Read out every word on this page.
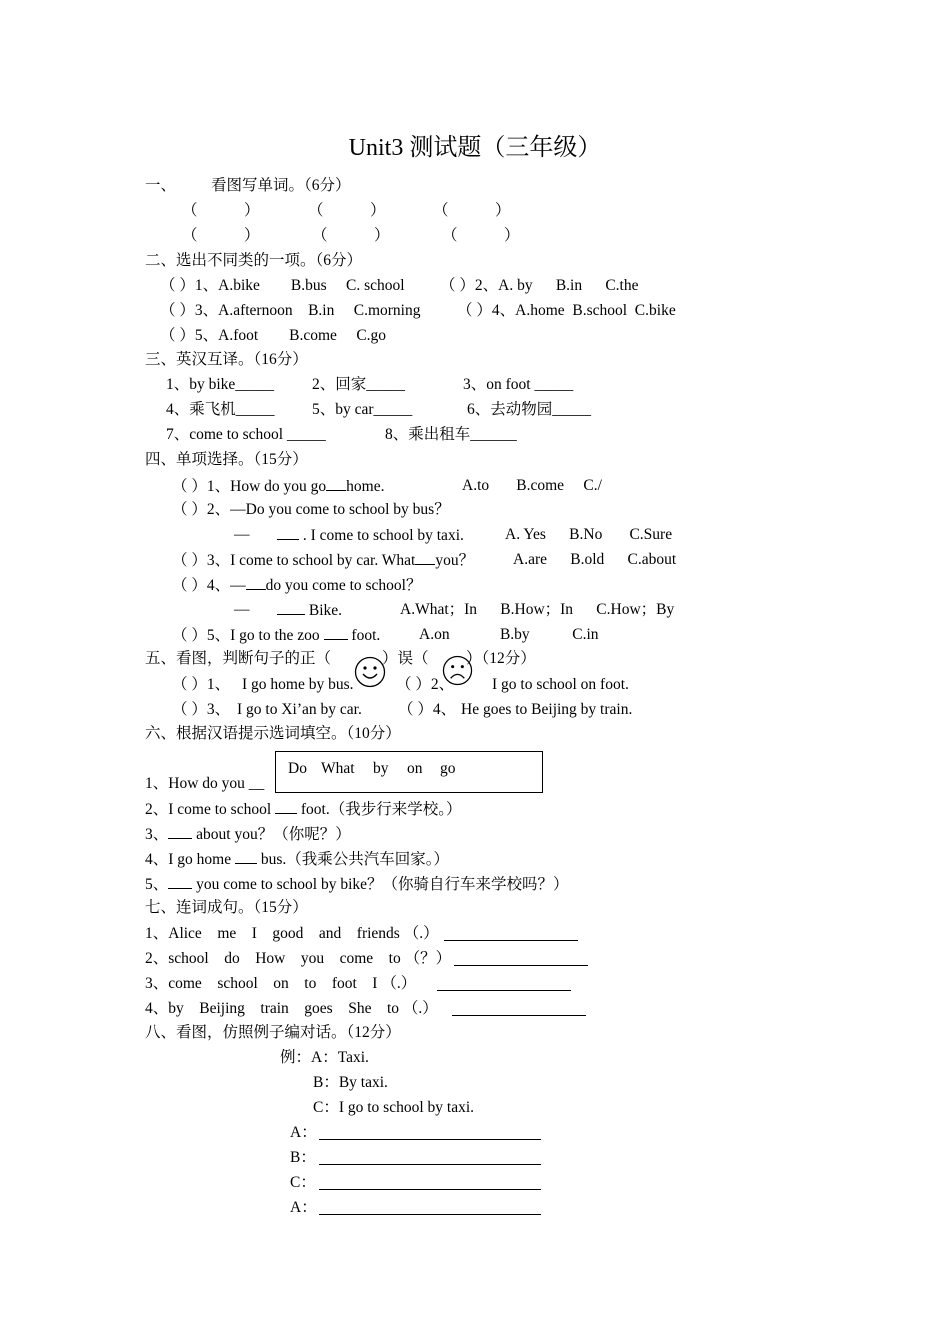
Unit3 测试题（三年级）
一、 看图写单词。（6分）
（            ）	（            ）	（            ）
（            ）	（            ）	（            ）
二、选出不同类的一项。（6分）
（ ）1、A.bike        B.bus     C. school （ ）2、A. by      B.in      C.the
（ ）3、A.afternoon    B.in     C.morning （ ）4、A.home  B.school  C.bike
（ ）5、A.foot        B.come     C.go
三、英汉互译。（16分）
1、by bike_____ 2、回家_____	3、on foot _____
4、乘飞机_____ 5、by car_____	6、去动物园_____
7、come to school _____	8、乘出租车______
四、单项选择。（15分）
（ ）1、How do you go home.	A.to       B.come     C./
（ ）2、—Do you come to school by bus？
—	. I come to school by taxi.	A. Yes      B.No       C.Sure
（ ）3、I come to school by car. What you？	A.are      B.old      C.about
（ ）4、— do you come to school？
—	Bike.	A.What；In      B.How；In      C.How；By
（ ）5、I go to the zoo  foot. A.on             B.by           C.in
五、看图，判断句子的正（	）误（ ）（12分）
（ ）1、 I go home by bus.	（ ）2、 I go to school on foot.
（ ）3、 I go to Xi’an by car. （ ）4、 He goes to Beijing by train.
六、根据汉语提示选词填空。（10分）
1、How do you __
Do What by on go
2、I come to school  foot.（我步行来学校。）
3、 about you？（你呢？）
4、I go home  bus.（我乘公共汽车回家。）
5、 you come to school by bike？（你骑自行车来学校吗？）
七、连词成句。（15分）
1、Alice    me    I    good    and    friends （.）
2、school    do    How    you    come    to （？）
3、come    school    on    to    foot    I （.）
4、by    Beijing    train    goes    She    to （.）
八、看图，仿照例子编对话。（12分）
例：A：Taxi.
B：By taxi.
C：I go to school by taxi.
A：
B：
C：
A：
